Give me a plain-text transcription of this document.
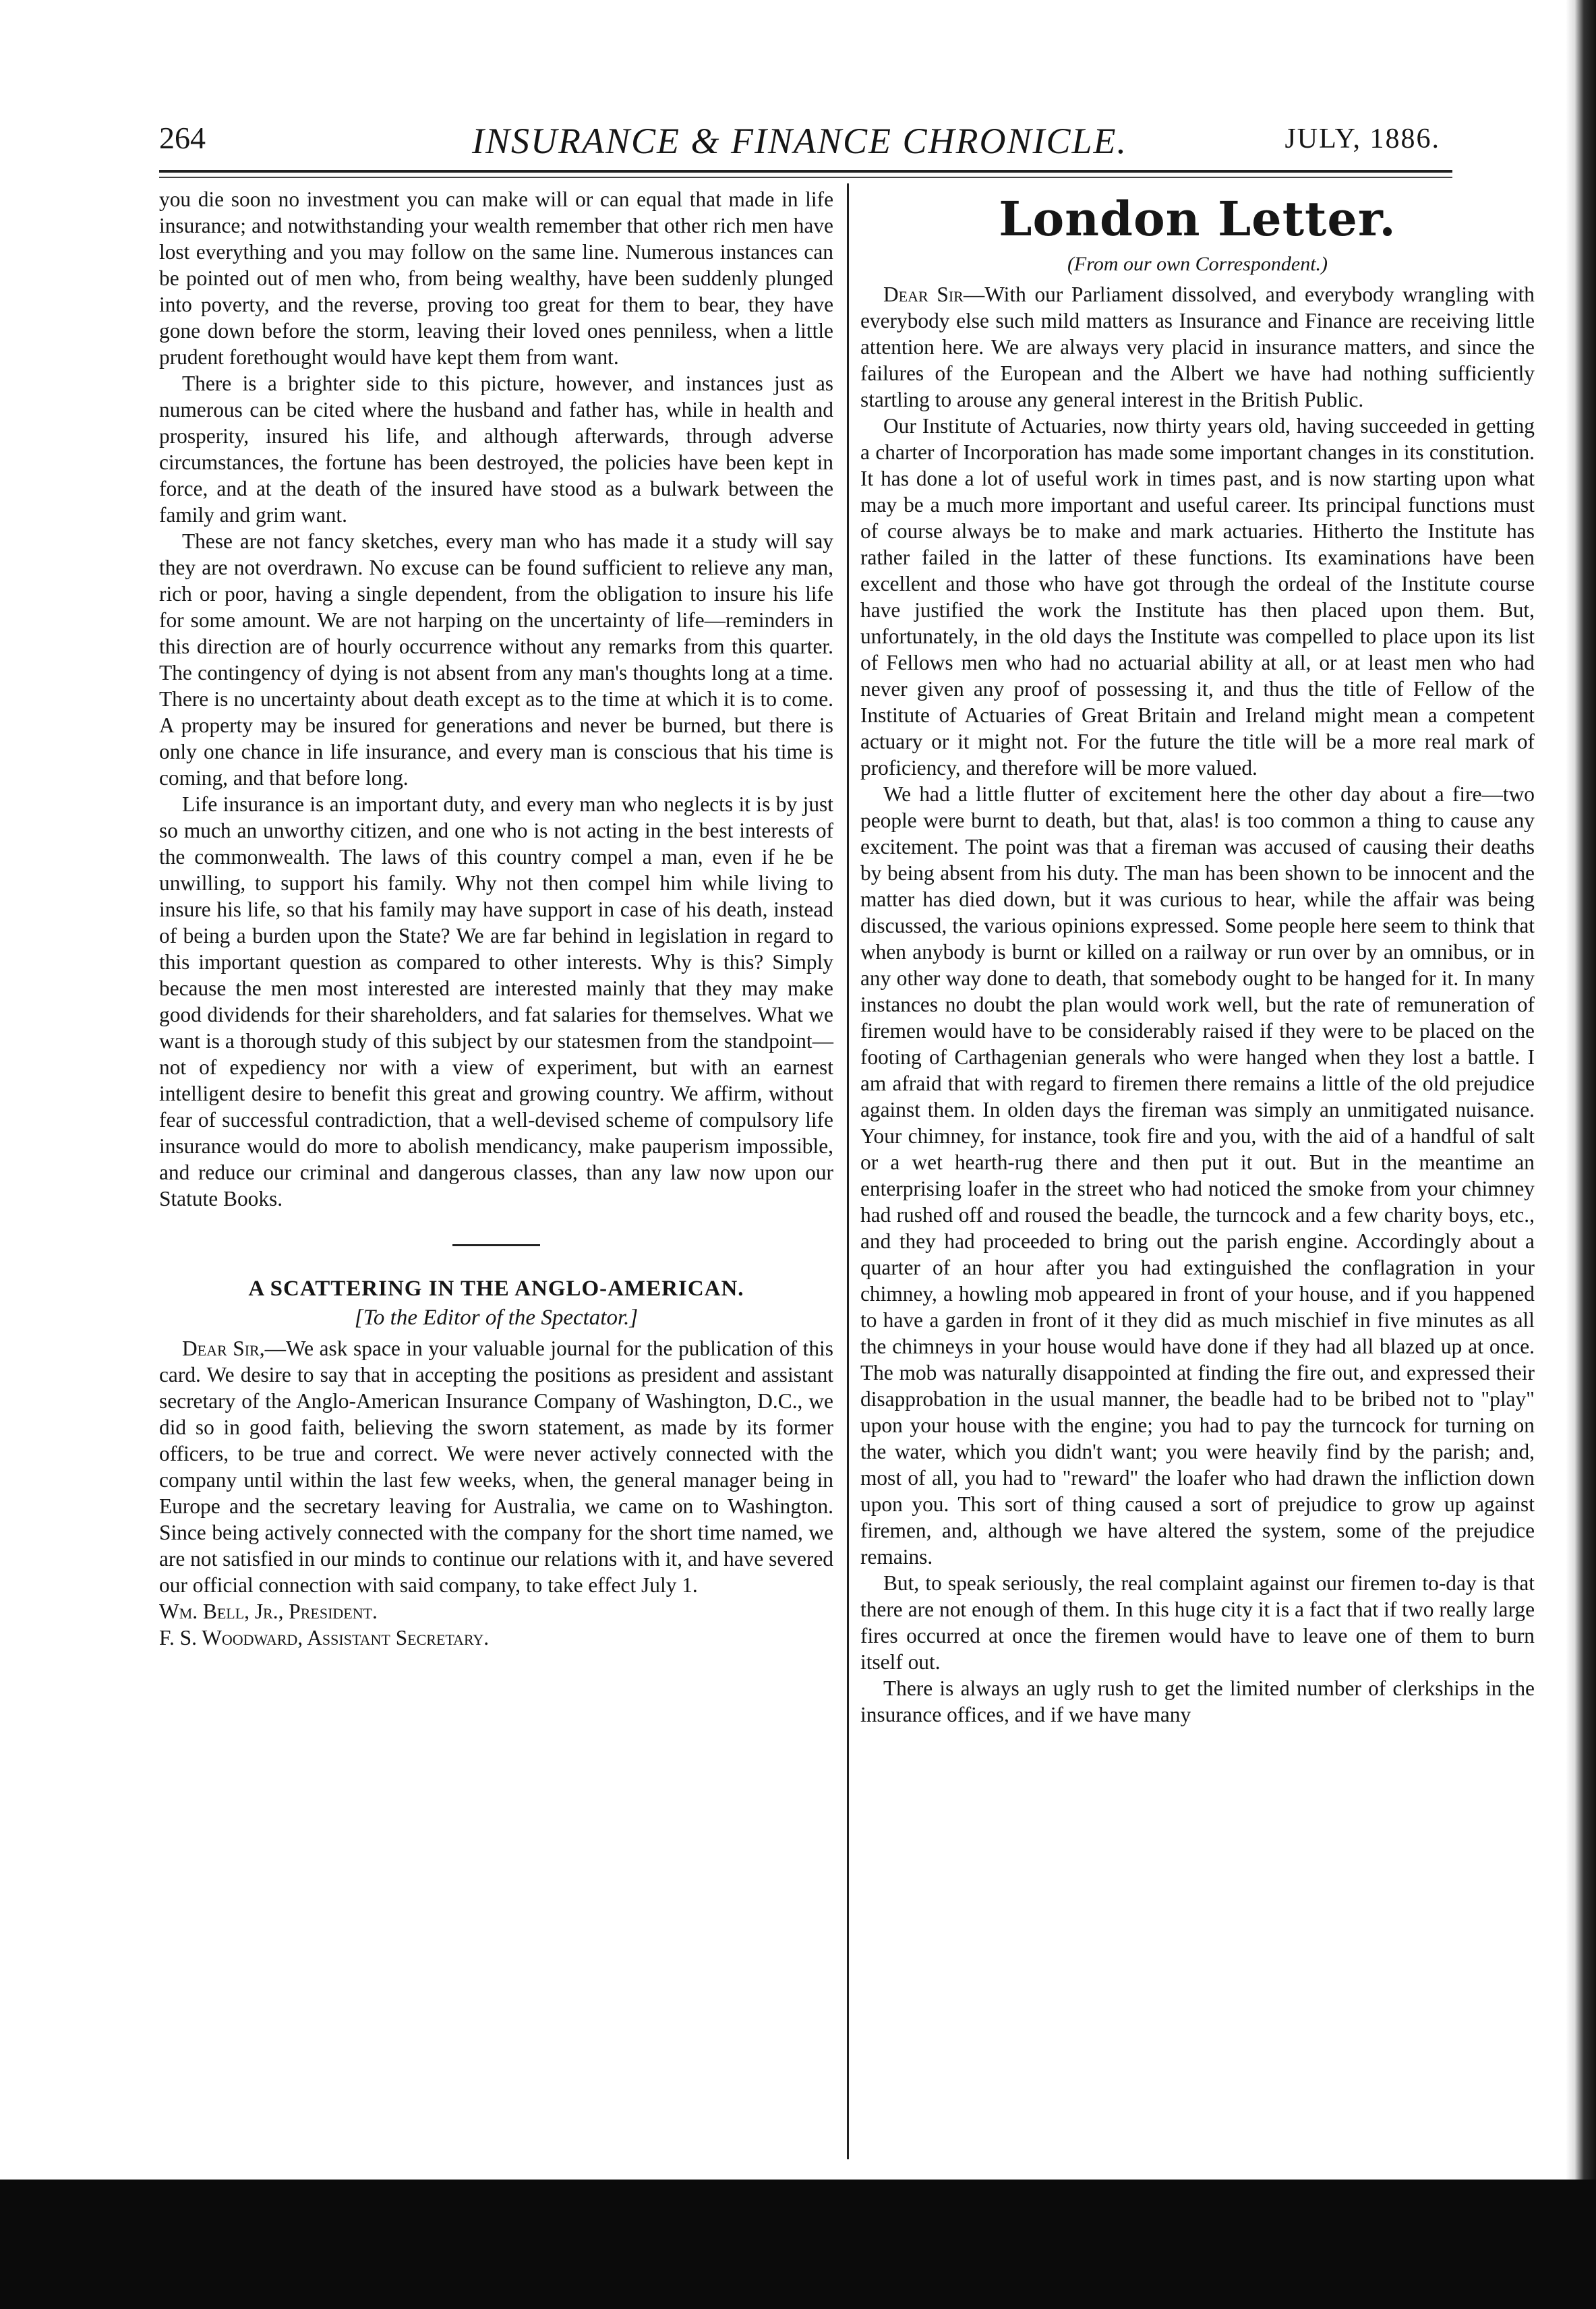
264	INSURANCE & FINANCE CHRONICLE.	JULY, 1886.

you die soon no investment you can make will or can equal that made in life insurance; and notwithstanding your wealth remember that other rich men have lost everything and you may follow on the same line. Numerous instances can be pointed out of men who, from being wealthy, have been suddenly plunged into poverty, and the reverse, proving too great for them to bear, they have gone down before the storm, leaving their loved ones penniless, when a little prudent forethought would have kept them from want.

There is a brighter side to this picture, however, and instances just as numerous can be cited where the husband and father has, while in health and prosperity, insured his life, and although afterwards, through adverse circumstances, the fortune has been destroyed, the policies have been kept in force, and at the death of the insured have stood as a bulwark between the family and grim want.

These are not fancy sketches, every man who has made it a study will say they are not overdrawn. No excuse can be found sufficient to relieve any man, rich or poor, having a single dependent, from the obligation to insure his life for some amount. We are not harping on the uncertainty of life—reminders in this direction are of hourly occurrence without any remarks from this quarter. The contingency of dying is not absent from any man's thoughts long at a time. There is no uncertainty about death except as to the time at which it is to come. A property may be insured for generations and never be burned, but there is only one chance in life insurance, and every man is conscious that his time is coming, and that before long.

Life insurance is an important duty, and every man who neglects it is by just so much an unworthy citizen, and one who is not acting in the best interests of the commonwealth. The laws of this country compel a man, even if he be unwilling, to support his family. Why not then compel him while living to insure his life, so that his family may have support in case of his death, instead of being a burden upon the State? We are far behind in legislation in regard to this important question as compared to other interests. Why is this? Simply because the men most interested are interested mainly that they may make good dividends for their shareholders, and fat salaries for themselves. What we want is a thorough study of this subject by our statesmen from the standpoint—not of expediency nor with a view of experiment, but with an earnest intelligent desire to benefit this great and growing country. We affirm, without fear of successful contradiction, that a well-devised scheme of compulsory life insurance would do more to abolish mendicancy, make pauperism impossible, and reduce our criminal and dangerous classes, than any law now upon our Statute Books.

A SCATTERING IN THE ANGLO-AMERICAN.
[To the Editor of the Spectator.]

Dear Sir,—We ask space in your valuable journal for the publication of this card. We desire to say that in accepting the positions as president and assistant secretary of the Anglo-American Insurance Company of Washington, D.C., we did so in good faith, believing the sworn statement, as made by its former officers, to be true and correct. We were never actively connected with the company until within the last few weeks, when, the general manager being in Europe and the secretary leaving for Australia, we came on to Washington. Since being actively connected with the company for the short time named, we are not satisfied in our minds to continue our relations with it, and have severed our official connection with said company, to take effect July 1.

Wm. Bell, Jr., President.

F. S. Woodward, Assistant Secretary.

London Letter.
(From our own Correspondent.)

Dear Sir—With our Parliament dissolved, and everybody wrangling with everybody else such mild matters as Insurance and Finance are receiving little attention here. We are always very placid in insurance matters, and since the failures of the European and the Albert we have had nothing sufficiently startling to arouse any general interest in the British Public.

Our Institute of Actuaries, now thirty years old, having succeeded in getting a charter of Incorporation has made some important changes in its constitution. It has done a lot of useful work in times past, and is now starting upon what may be a much more important and useful career. Its principal functions must of course always be to make and mark actuaries. Hitherto the Institute has rather failed in the latter of these functions. Its examinations have been excellent and those who have got through the ordeal of the Institute course have justified the work the Institute has then placed upon them. But, unfortunately, in the old days the Institute was compelled to place upon its list of Fellows men who had no actuarial ability at all, or at least men who had never given any proof of possessing it, and thus the title of Fellow of the Institute of Actuaries of Great Britain and Ireland might mean a competent actuary or it might not. For the future the title will be a more real mark of proficiency, and therefore will be more valued.

We had a little flutter of excitement here the other day about a fire—two people were burnt to death, but that, alas! is too common a thing to cause any excitement. The point was that a fireman was accused of causing their deaths by being absent from his duty. The man has been shown to be innocent and the matter has died down, but it was curious to hear, while the affair was being discussed, the various opinions expressed. Some people here seem to think that when anybody is burnt or killed on a railway or run over by an omnibus, or in any other way done to death, that somebody ought to be hanged for it. In many instances no doubt the plan would work well, but the rate of remuneration of firemen would have to be considerably raised if they were to be placed on the footing of Carthagenian generals who were hanged when they lost a battle. I am afraid that with regard to firemen there remains a little of the old prejudice against them. In olden days the fireman was simply an unmitigated nuisance. Your chimney, for instance, took fire and you, with the aid of a handful of salt or a wet hearth-rug there and then put it out. But in the meantime an enterprising loafer in the street who had noticed the smoke from your chimney had rushed off and roused the beadle, the turncock and a few charity boys, etc., and they had proceeded to bring out the parish engine. Accordingly about a quarter of an hour after you had extinguished the conflagration in your chimney, a howling mob appeared in front of your house, and if you happened to have a garden in front of it they did as much mischief in five minutes as all the chimneys in your house would have done if they had all blazed up at once. The mob was naturally disappointed at finding the fire out, and expressed their disapprobation in the usual manner, the beadle had to be bribed not to "play" upon your house with the engine; you had to pay the turncock for turning on the water, which you didn't want; you were heavily find by the parish; and, most of all, you had to "reward" the loafer who had drawn the infliction down upon you. This sort of thing caused a sort of prejudice to grow up against firemen, and, although we have altered the system, some of the prejudice remains.

But, to speak seriously, the real complaint against our firemen to-day is that there are not enough of them. In this huge city it is a fact that if two really large fires occurred at once the firemen would have to leave one of them to burn itself out.

There is always an ugly rush to get the limited number of clerkships in the insurance offices, and if we have many
